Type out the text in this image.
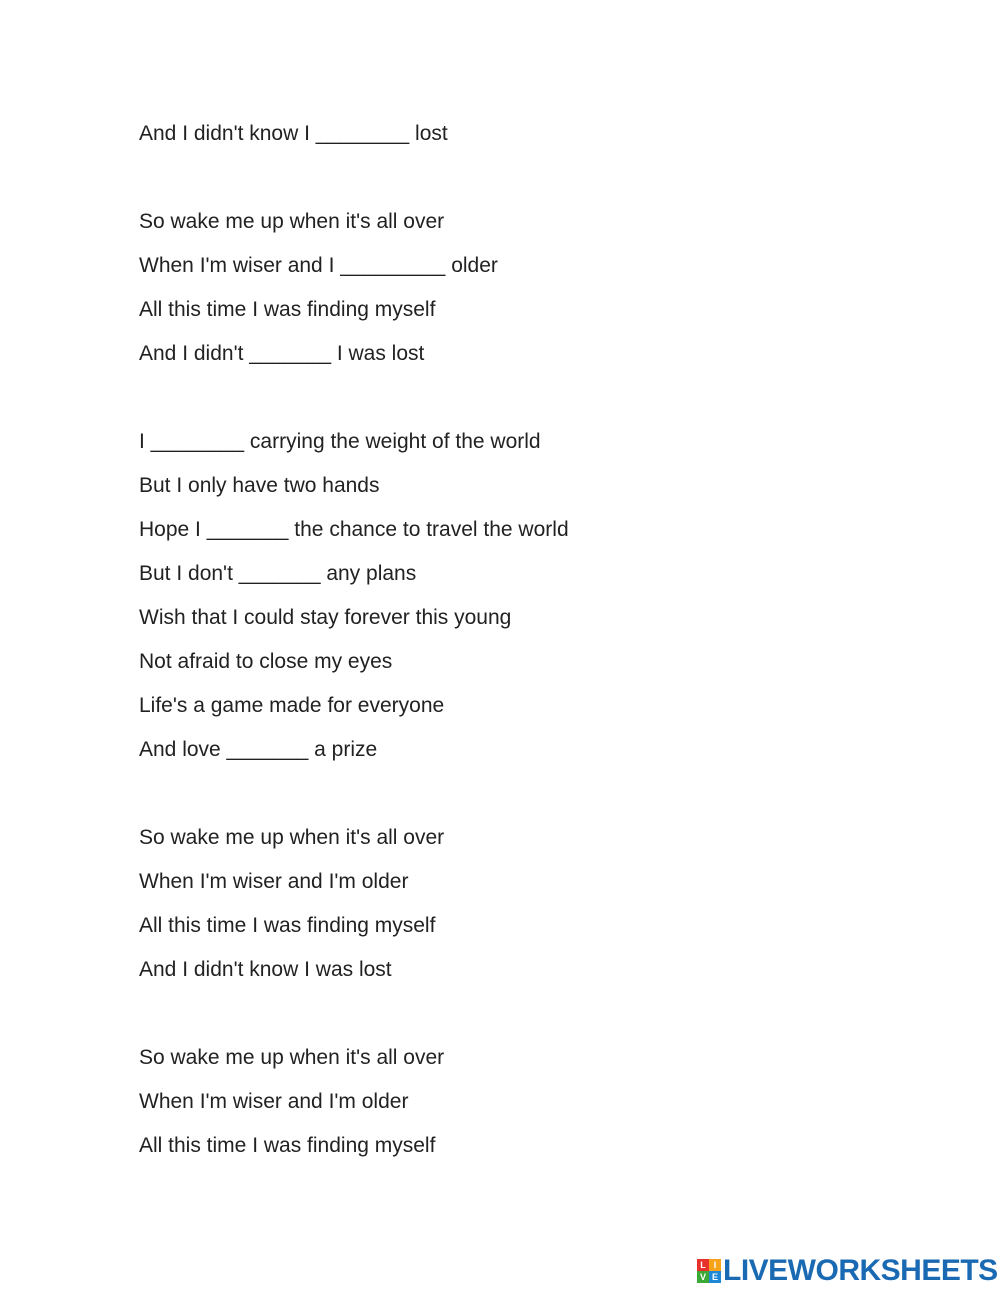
And I didn't know I ________ lost
So wake me up when it's all over
When I'm wiser and I _________ older
All this time I was finding myself
And I didn't _______ I was lost
I ________ carrying the weight of the world
But I only have two hands
Hope I _______ the chance to travel the world
But I don't _______ any plans
Wish that I could stay forever this young
Not afraid to close my eyes
Life's a game made for everyone
And love _______ a prize
So wake me up when it's all over
When I'm wiser and I'm older
All this time I was finding myself
And I didn't know I was lost
So wake me up when it's all over
When I'm wiser and I'm older
All this time I was finding myself
L I
V E LIVEWORKSHEETS
